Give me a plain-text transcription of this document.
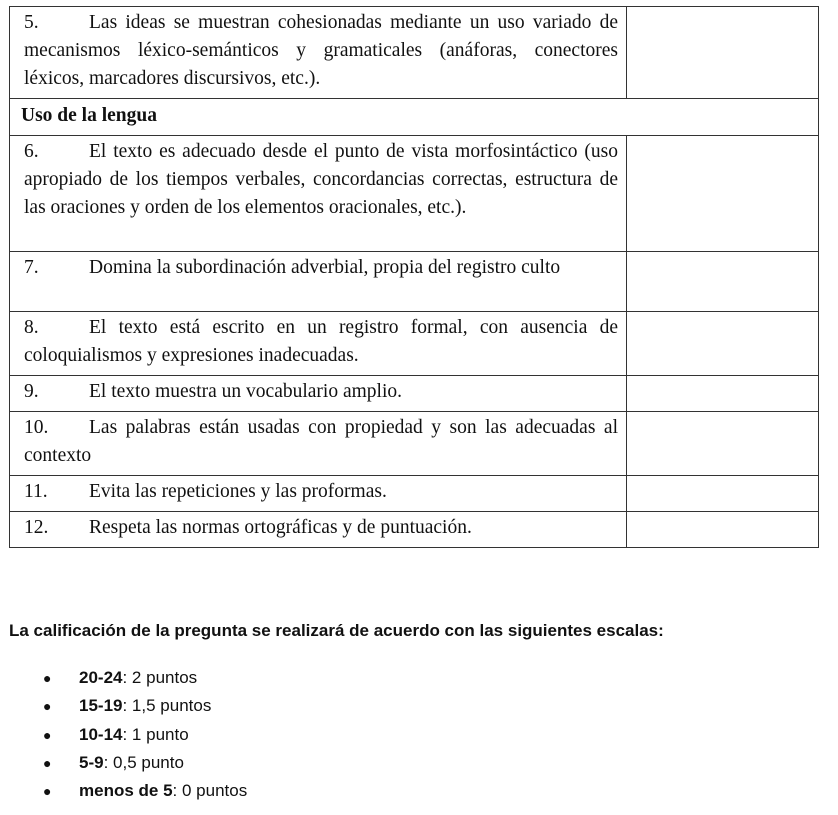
5. Las ideas se muestran cohesionadas mediante un uso variado de mecanismos léxico-semánticos y gramaticales (anáforas, conectores léxicos, marcadores discursivos, etc.).	
Uso de la lengua	
6. El texto es adecuado desde el punto de vista morfosintáctico (uso apropiado de los tiempos verbales, concordancias correctas, estructura de las oraciones y orden de los elementos oracionales, etc.).	
7. Domina la subordinación adverbial, propia del registro culto	
8. El texto está escrito en un registro formal, con ausencia de coloquialismos y expresiones inadecuadas.	
9. El texto muestra un vocabulario amplio.	
10. Las palabras están usadas con propiedad y son las adecuadas al contexto	
11. Evita las repeticiones y las proformas.	
12. Respeta las normas ortográficas y de puntuación.	

La calificación de la pregunta se realizará de acuerdo con las siguientes escalas:

● 20-24: 2 puntos
● 15-19: 1,5 puntos
● 10-14: 1 punto
● 5-9: 0,5 punto
● menos de 5: 0 puntos
